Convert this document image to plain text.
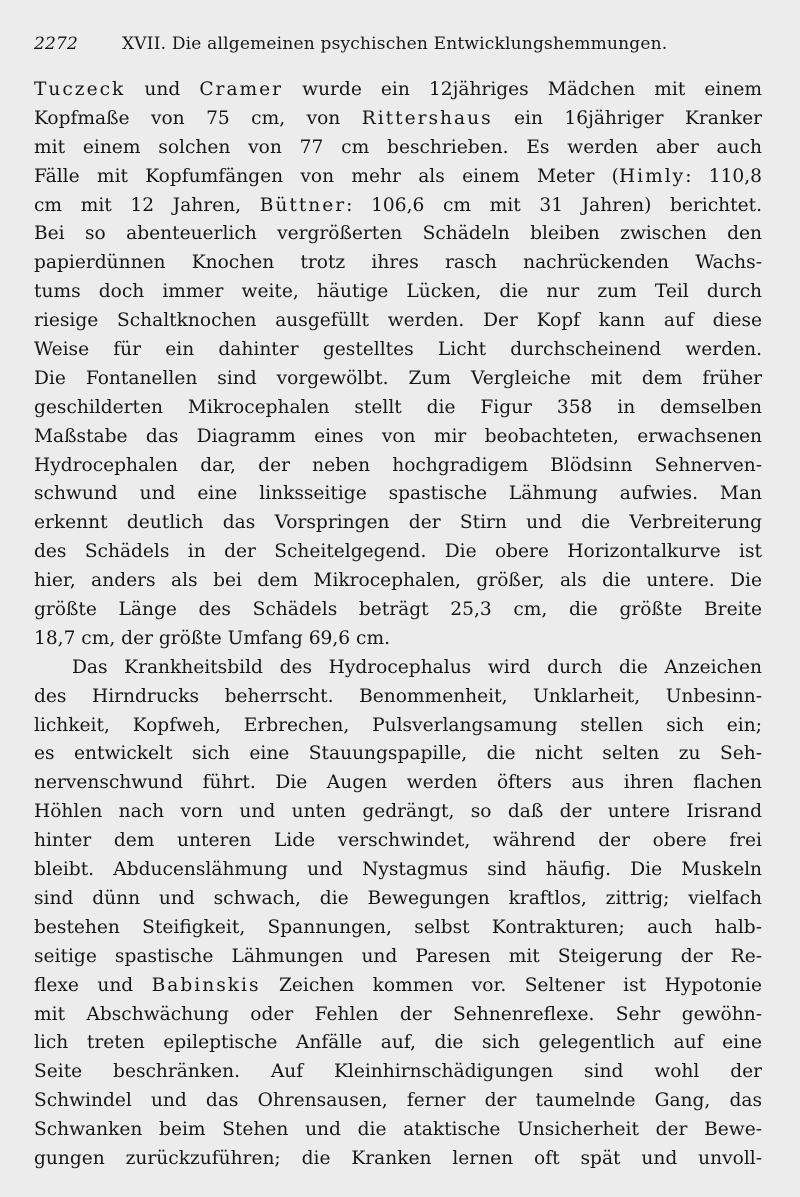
2272	XVII. Die allgemeinen psychischen Entwicklungshemmungen.
Tuczeck und Cramer wurde ein 12jähriges Mädchen mit einem
Kopfmaße von 75 cm, von Rittershaus ein 16jähriger Kranker
mit einem solchen von 77 cm beschrieben. Es werden aber auch
Fälle mit Kopfumfängen von mehr als einem Meter (Himly: 110,8
cm mit 12 Jahren, Büttner: 106,6 cm mit 31 Jahren) berichtet.
Bei so abenteuerlich vergrößerten Schädeln bleiben zwischen den
papierdünnen Knochen trotz ihres rasch nachrückenden Wachs-
tums doch immer weite, häutige Lücken, die nur zum Teil durch
riesige Schaltknochen ausgefüllt werden. Der Kopf kann auf diese
Weise für ein dahinter gestelltes Licht durchscheinend werden.
Die Fontanellen sind vorgewölbt. Zum Vergleiche mit dem früher
geschilderten Mikrocephalen stellt die Figur 358 in demselben
Maßstabe das Diagramm eines von mir beobachteten, erwachsenen
Hydrocephalen dar, der neben hochgradigem Blödsinn Sehnerven-
schwund und eine linksseitige spastische Lähmung aufwies. Man
erkennt deutlich das Vorspringen der Stirn und die Verbreiterung
des Schädels in der Scheitelgegend. Die obere Horizontalkurve ist
hier, anders als bei dem Mikrocephalen, größer, als die untere. Die
größte Länge des Schädels beträgt 25,3 cm, die größte Breite
18,7 cm, der größte Umfang 69,6 cm.
Das Krankheitsbild des Hydrocephalus wird durch die Anzeichen
des Hirndrucks beherrscht. Benommenheit, Unklarheit, Unbesinn-
lichkeit, Kopfweh, Erbrechen, Pulsverlangsamung stellen sich ein;
es entwickelt sich eine Stauungspapille, die nicht selten zu Seh-
nervenschwund führt. Die Augen werden öfters aus ihren flachen
Höhlen nach vorn und unten gedrängt, so daß der untere Irisrand
hinter dem unteren Lide verschwindet, während der obere frei
bleibt. Abducenslähmung und Nystagmus sind häufig. Die Muskeln
sind dünn und schwach, die Bewegungen kraftlos, zittrig; vielfach
bestehen Steifigkeit, Spannungen, selbst Kontrakturen; auch halb-
seitige spastische Lähmungen und Paresen mit Steigerung der Re-
flexe und Babinskis Zeichen kommen vor. Seltener ist Hypotonie
mit Abschwächung oder Fehlen der Sehnenreflexe. Sehr gewöhn-
lich treten epileptische Anfälle auf, die sich gelegentlich auf eine
Seite beschränken. Auf Kleinhirnschädigungen sind wohl der
Schwindel und das Ohrensausen, ferner der taumelnde Gang, das
Schwanken beim Stehen und die ataktische Unsicherheit der Bewe-
gungen zurückzuführen; die Kranken lernen oft spät und unvoll-
